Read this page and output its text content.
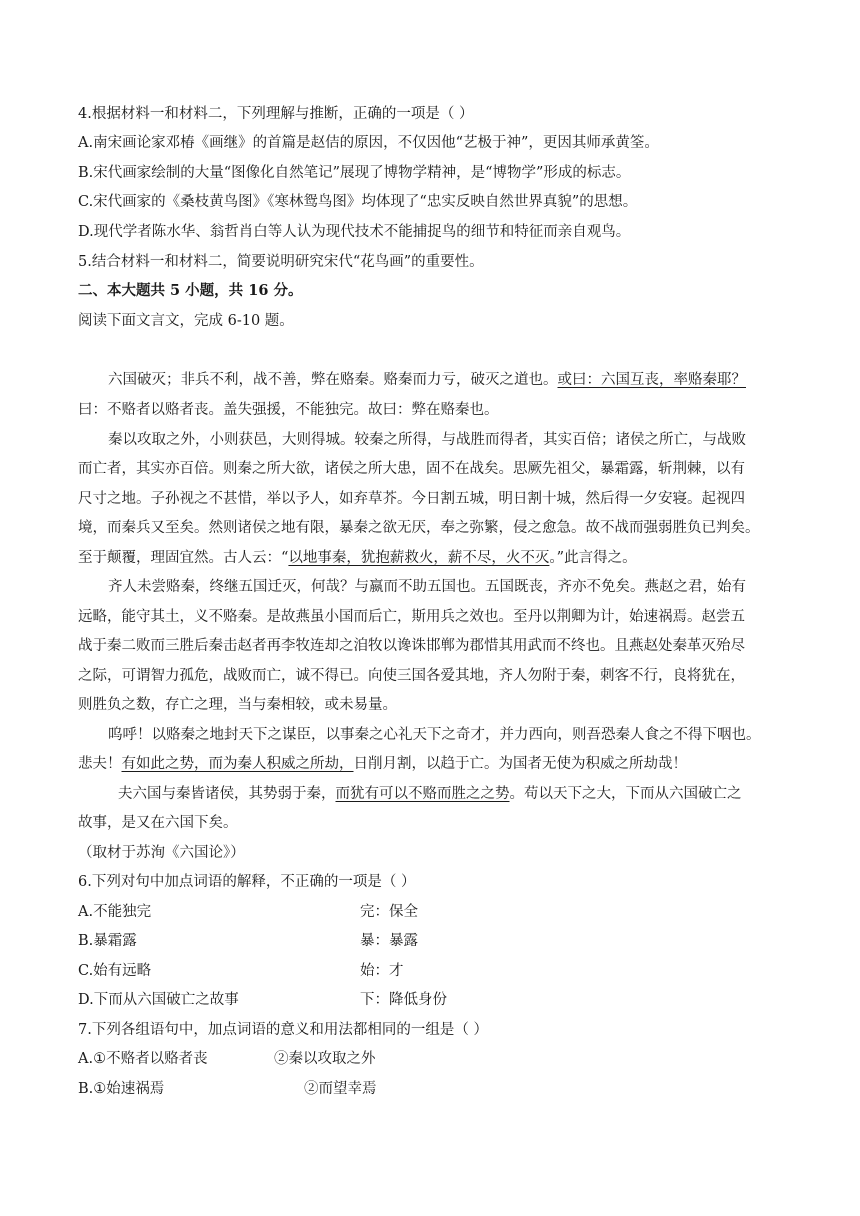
4.根据材料一和材料二，下列理解与推断，正确的一项是（ ）
A.南宋画论家邓椿《画继》的首篇是赵佶的原因，不仅因他“艺极于神”，更因其师承黄筌。
B.宋代画家绘制的大量“图像化自然笔记”展现了博物学精神，是“博物学”形成的标志。
C.宋代画家的《桑枝黄鸟图》《寒林鸳鸟图》均体现了“忠实反映自然世界真貌”的思想。
D.现代学者陈水华、翁哲肖白等人认为现代技术不能捕捉鸟的细节和特征而亲自观鸟。
5.结合材料一和材料二，简要说明研究宋代“花鸟画”的重要性。
二、本大题共 5 小题，共 16 分。
阅读下面文言文，完成 6-10 题。
六国破灭；非兵不利，战不善，弊在赂秦。赂秦而力亏，破灭之道也。或曰：六国互丧，率赂秦耶？
曰：不赂者以赂者丧。盖失强援，不能独完。故曰：弊在赂秦也。
秦以攻取之外，小则获邑，大则得城。较秦之所得，与战胜而得者，其实百倍；诸侯之所亡，与战败
而亡者，其实亦百倍。则秦之所大欲，诸侯之所大患，固不在战矣。思厥先祖父，暴霜露，斩荆棘，以有
尺寸之地。子孙视之不甚惜，举以予人，如弃草芥。今日割五城，明日割十城，然后得一夕安寝。起视四
境，而秦兵又至矣。然则诸侯之地有限，暴秦之欲无厌，奉之弥繁，侵之愈急。故不战而强弱胜负已判矣。
至于颠覆，理固宜然。古人云：“以地事秦，犹抱薪救火，薪不尽，火不灭。”此言得之。
齐人未尝赂秦，终继五国迁灭，何哉？与嬴而不助五国也。五国既丧，齐亦不免矣。燕赵之君，始有
远略，能守其土，义不赂秦。是故燕虽小国而后亡，斯用兵之效也。至丹以荆卿为计，始速祸焉。赵尝五
战于秦二败而三胜后秦击赵者再李牧连却之洎牧以谗诛邯郸为郡惜其用武而不终也。且燕赵处秦革灭殆尽
之际，可谓智力孤危，战败而亡，诚不得已。向使三国各爱其地，齐人勿附于秦，刺客不行，良将犹在，
则胜负之数，存亡之理，当与秦相较，或未易量。
呜呼！以赂秦之地封天下之谋臣，以事秦之心礼天下之奇才，并力西向，则吾恐秦人食之不得下咽也。
悲夫！有如此之势，而为秦人积威之所劫，日削月割，以趋于亡。为国者无使为积威之所劫哉！
夫六国与秦皆诸侯，其势弱于秦，而犹有可以不赂而胜之之势。苟以天下之大，下而从六国破亡之
故事，是又在六国下矣。
（取材于苏洵《六国论》）
6.下列对句中加点词语的解释，不正确的一项是（ ）
A.不能独完	完：保全
B.暴霜露	暴：暴露
C.始有远略	始：才
D.下而从六国破亡之故事	下：降低身份
7.下列各组语句中，加点词语的意义和用法都相同的一组是（ ）
A.①不赂者以赂者丧	②秦以攻取之外
B.①始速祸焉	②而望幸焉
